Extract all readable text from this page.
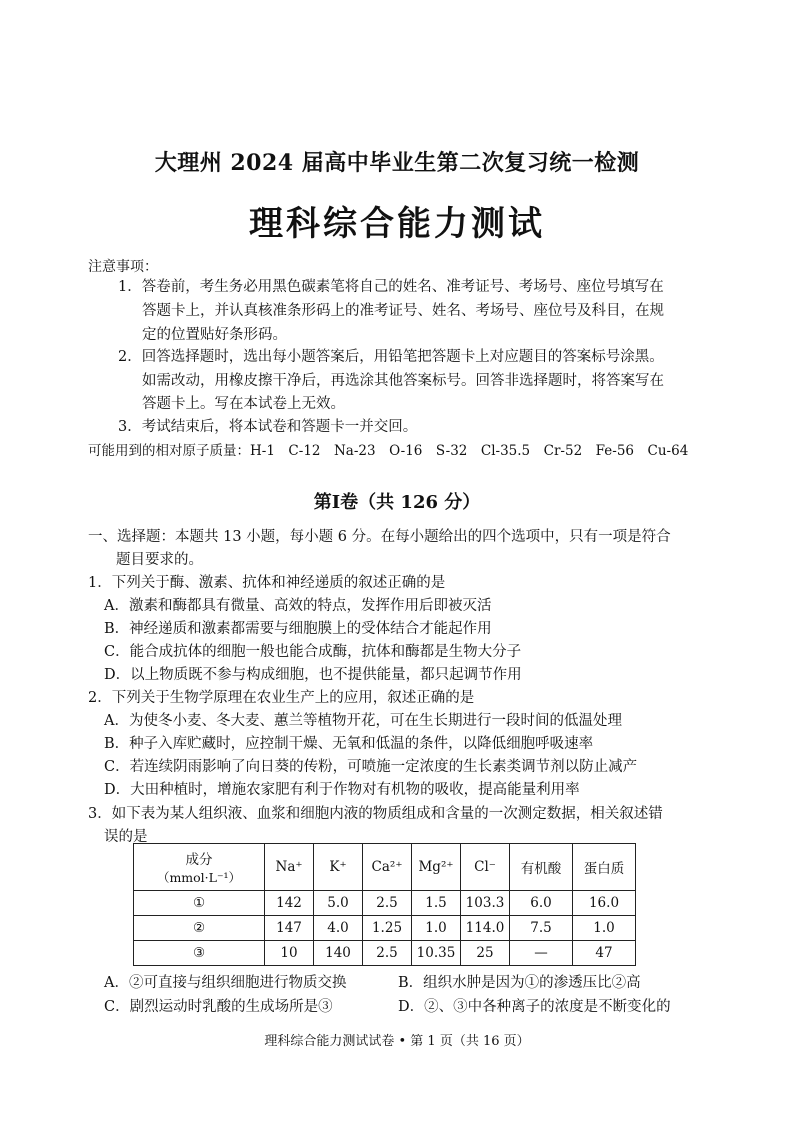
大理州 2024 届高中毕业生第二次复习统一检测
理科综合能力测试
注意事项：
1．答卷前，考生务必用黑色碳素笔将自己的姓名、准考证号、考场号、座位号填写在
答题卡上，并认真核准条形码上的准考证号、姓名、考场号、座位号及科目，在规
定的位置贴好条形码。
2．回答选择题时，选出每小题答案后，用铅笔把答题卡上对应题目的答案标号涂黑。
如需改动，用橡皮擦干净后，再选涂其他答案标号。回答非选择题时，将答案写在
答题卡上。写在本试卷上无效。
3．考试结束后，将本试卷和答题卡一并交回。
可能用到的相对原子质量：H-1　C-12　Na-23　O-16　S-32　Cl-35.5　Cr-52　Fe-56　Cu-64
第Ⅰ卷（共 126 分）
一、选择题：本题共 13 小题，每小题 6 分。在每小题给出的四个选项中，只有一项是符合
题目要求的。
1．下列关于酶、激素、抗体和神经递质的叙述正确的是
A．激素和酶都具有微量、高效的特点，发挥作用后即被灭活
B．神经递质和激素都需要与细胞膜上的受体结合才能起作用
C．能合成抗体的细胞一般也能合成酶，抗体和酶都是生物大分子
D．以上物质既不参与构成细胞，也不提供能量，都只起调节作用
2．下列关于生物学原理在农业生产上的应用，叙述正确的是
A．为使冬小麦、冬大麦、蕙兰等植物开花，可在生长期进行一段时间的低温处理
B．种子入库贮藏时，应控制干燥、无氧和低温的条件，以降低细胞呼吸速率
C．若连续阴雨影响了向日葵的传粉，可喷施一定浓度的生长素类调节剂以防止减产
D．大田种植时，增施农家肥有利于作物对有机物的吸收，提高能量利用率
3．如下表为某人组织液、血浆和细胞内液的物质组成和含量的一次测定数据，相关叙述错
误的是
成分
（mmol·L⁻¹）	Na⁺	K⁺	Ca²⁺	Mg²⁺	Cl⁻	有机酸	蛋白质
①	142	5.0	2.5	1.5	103.3	6.0	16.0
②	147	4.0	1.25	1.0	114.0	7.5	1.0
③	10	140	2.5	10.35	25	—	47
A．②可直接与组织细胞进行物质交换	B．组织水肿是因为①的渗透压比②高
C．剧烈运动时乳酸的生成场所是③	D．②、③中各种离子的浓度是不断变化的
理科综合能力测试试卷 • 第 1 页（共 16 页）
